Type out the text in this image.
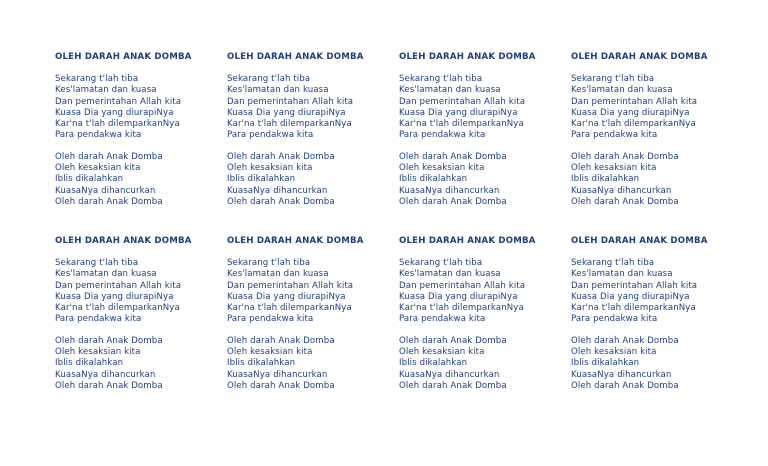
OLEH DARAH ANAK DOMBA
Sekarang t'lah tiba
Kes'lamatan dan kuasa
Dan pemerintahan Allah kita
Kuasa Dia yang diurapiNya
Kar'na t'lah dilemparkanNya
Para pendakwa kita
Oleh darah Anak Domba
Oleh kesaksian kita
Iblis dikalahkan
KuasaNya dihancurkan
Oleh darah Anak Domba
OLEH DARAH ANAK DOMBA
Sekarang t'lah tiba
Kes'lamatan dan kuasa
Dan pemerintahan Allah kita
Kuasa Dia yang diurapiNya
Kar'na t'lah dilemparkanNya
Para pendakwa kita
Oleh darah Anak Domba
Oleh kesaksian kita
Iblis dikalahkan
KuasaNya dihancurkan
Oleh darah Anak Domba
OLEH DARAH ANAK DOMBA
Sekarang t'lah tiba
Kes'lamatan dan kuasa
Dan pemerintahan Allah kita
Kuasa Dia yang diurapiNya
Kar'na t'lah dilemparkanNya
Para pendakwa kita
Oleh darah Anak Domba
Oleh kesaksian kita
Iblis dikalahkan
KuasaNya dihancurkan
Oleh darah Anak Domba
OLEH DARAH ANAK DOMBA
Sekarang t'lah tiba
Kes'lamatan dan kuasa
Dan pemerintahan Allah kita
Kuasa Dia yang diurapiNya
Kar'na t'lah dilemparkanNya
Para pendakwa kita
Oleh darah Anak Domba
Oleh kesaksian kita
Iblis dikalahkan
KuasaNya dihancurkan
Oleh darah Anak Domba
OLEH DARAH ANAK DOMBA
Sekarang t'lah tiba
Kes'lamatan dan kuasa
Dan pemerintahan Allah kita
Kuasa Dia yang diurapiNya
Kar'na t'lah dilemparkanNya
Para pendakwa kita
Oleh darah Anak Domba
Oleh kesaksian kita
Iblis dikalahkan
KuasaNya dihancurkan
Oleh darah Anak Domba
OLEH DARAH ANAK DOMBA
Sekarang t'lah tiba
Kes'lamatan dan kuasa
Dan pemerintahan Allah kita
Kuasa Dia yang diurapiNya
Kar'na t'lah dilemparkanNya
Para pendakwa kita
Oleh darah Anak Domba
Oleh kesaksian kita
Iblis dikalahkan
KuasaNya dihancurkan
Oleh darah Anak Domba
OLEH DARAH ANAK DOMBA
Sekarang t'lah tiba
Kes'lamatan dan kuasa
Dan pemerintahan Allah kita
Kuasa Dia yang diurapiNya
Kar'na t'lah dilemparkanNya
Para pendakwa kita
Oleh darah Anak Domba
Oleh kesaksian kita
Iblis dikalahkan
KuasaNya dihancurkan
Oleh darah Anak Domba
OLEH DARAH ANAK DOMBA
Sekarang t'lah tiba
Kes'lamatan dan kuasa
Dan pemerintahan Allah kita
Kuasa Dia yang diurapiNya
Kar'na t'lah dilemparkanNya
Para pendakwa kita
Oleh darah Anak Domba
Oleh kesaksian kita
Iblis dikalahkan
KuasaNya dihancurkan
Oleh darah Anak Domba
